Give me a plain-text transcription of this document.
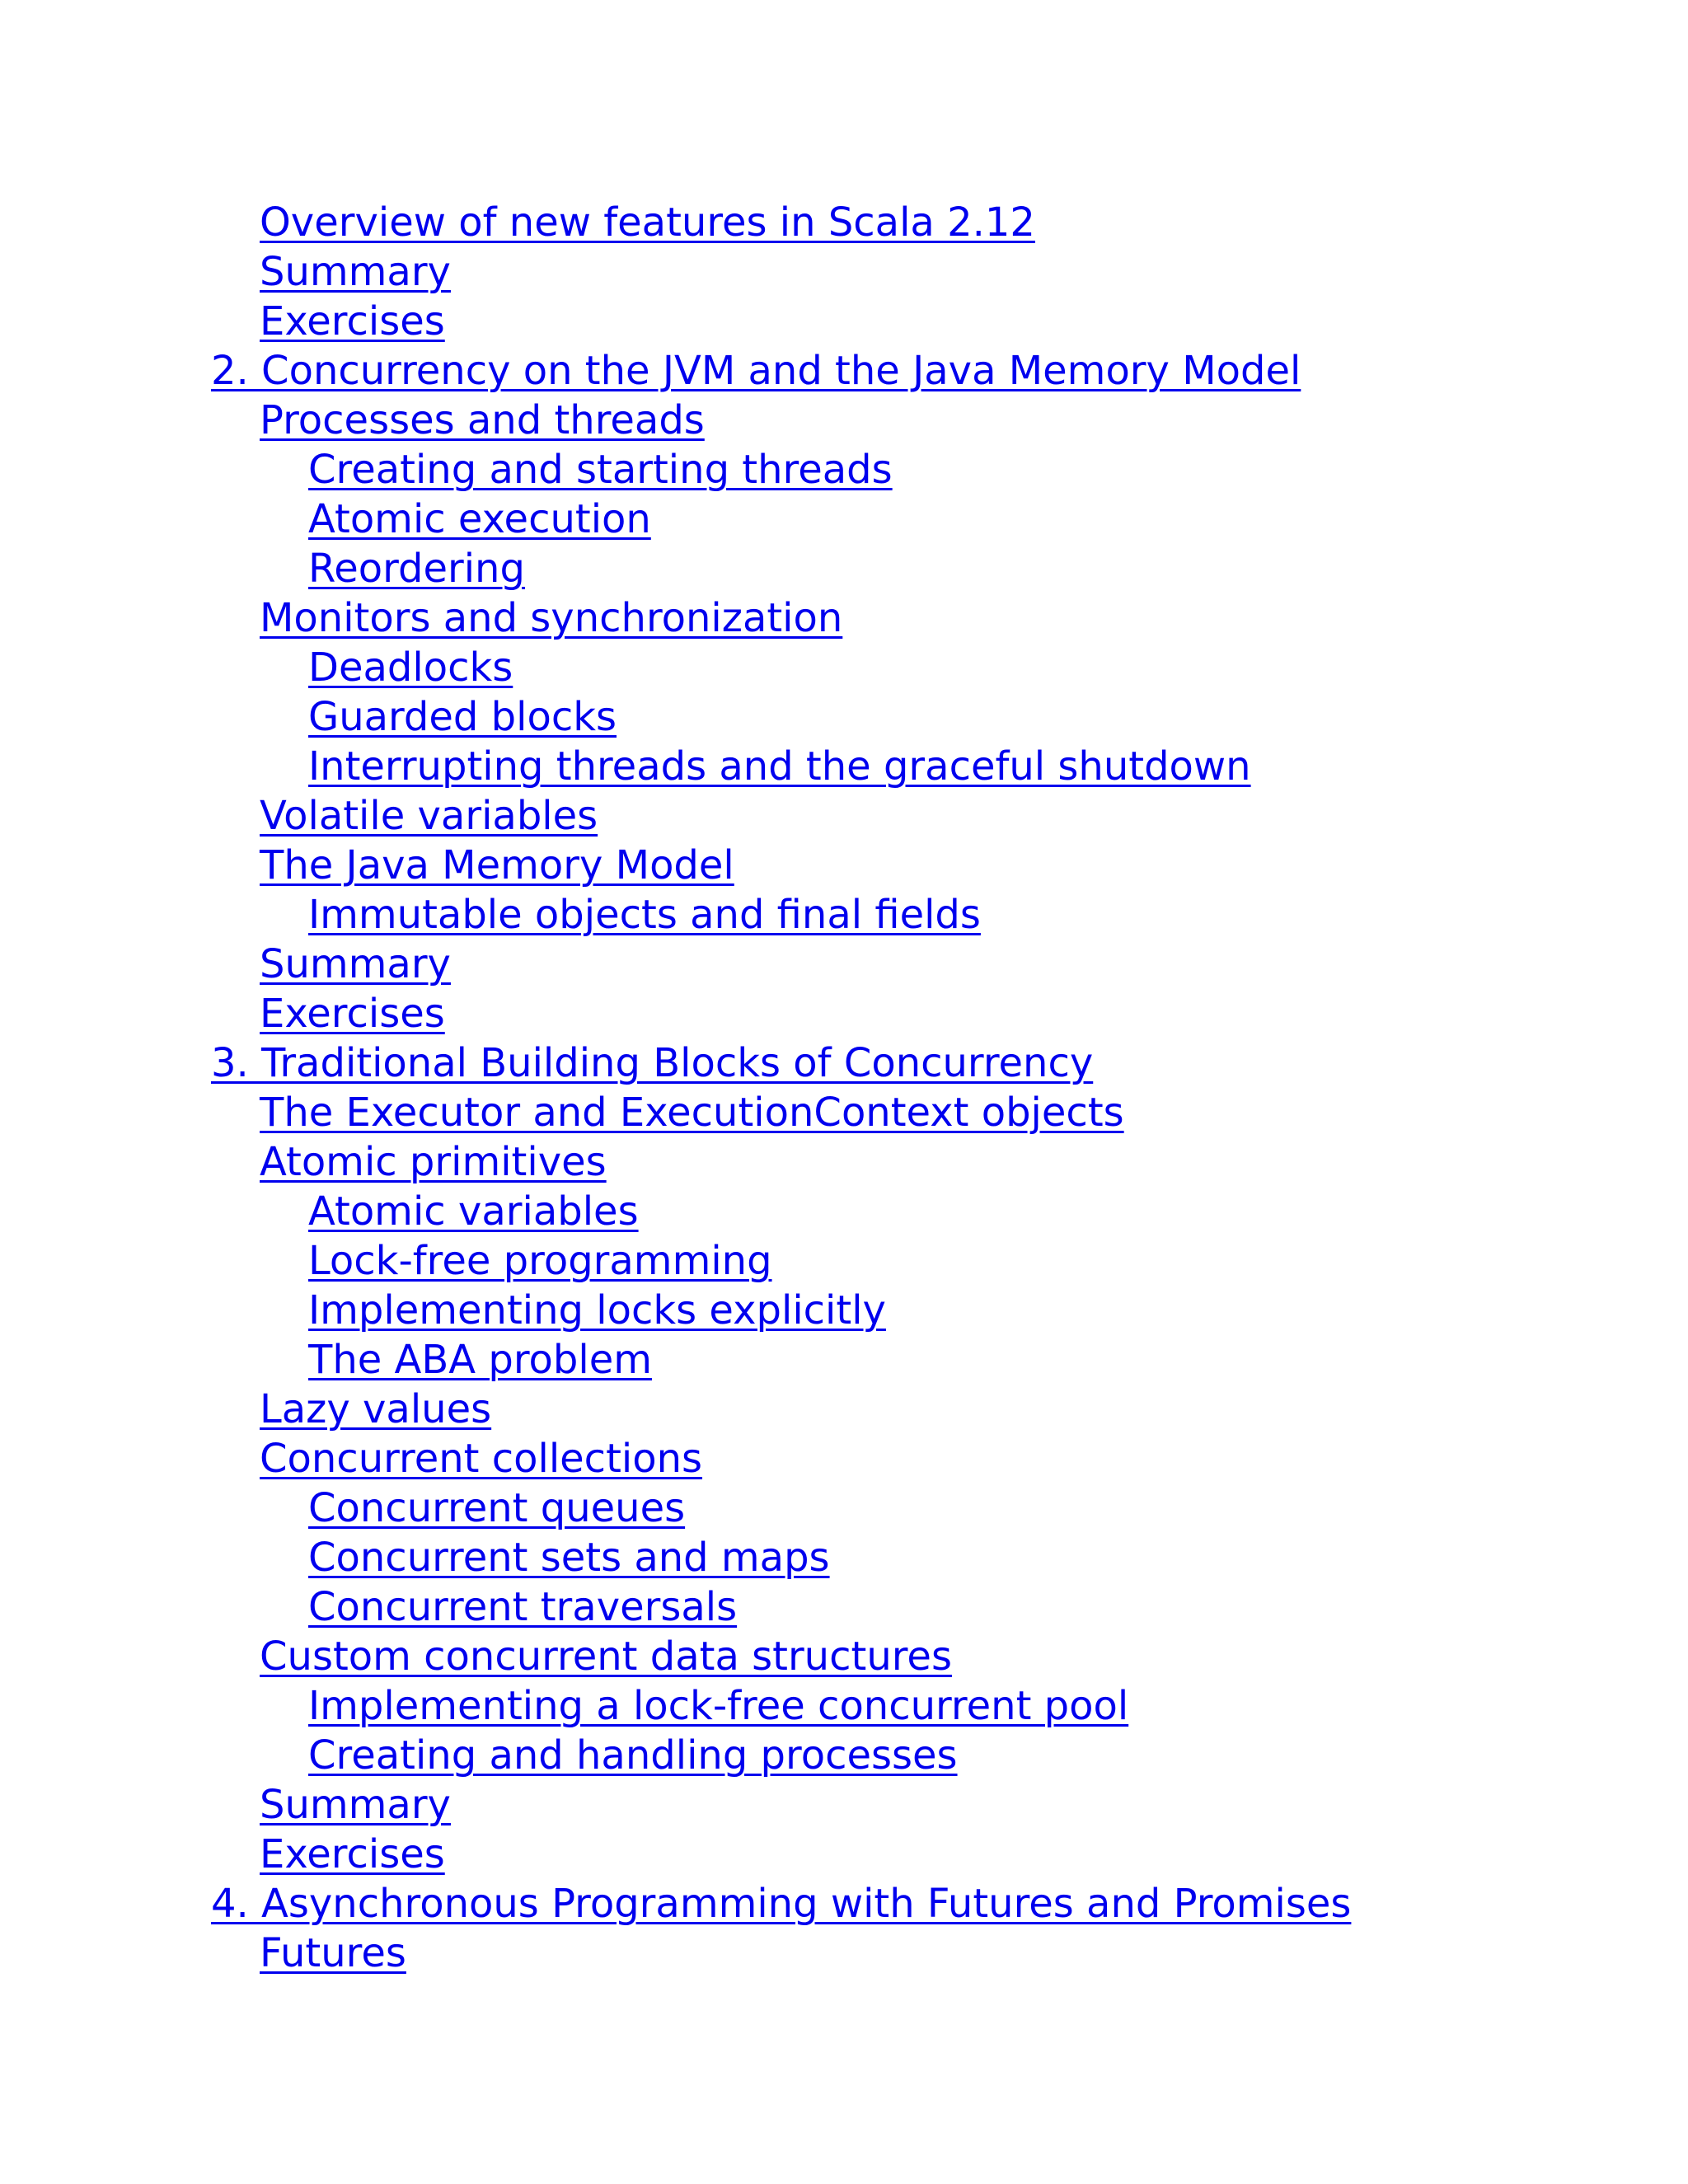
Overview of new features in Scala 2.12
Summary
Exercises
2. Concurrency on the JVM and the Java Memory Model
Processes and threads
Creating and starting threads
Atomic execution
Reordering
Monitors and synchronization
Deadlocks
Guarded blocks
Interrupting threads and the graceful shutdown
Volatile variables
The Java Memory Model
Immutable objects and final fields
Summary
Exercises
3. Traditional Building Blocks of Concurrency
The Executor and ExecutionContext objects
Atomic primitives
Atomic variables
Lock-free programming
Implementing locks explicitly
The ABA problem
Lazy values
Concurrent collections
Concurrent queues
Concurrent sets and maps
Concurrent traversals
Custom concurrent data structures
Implementing a lock-free concurrent pool
Creating and handling processes
Summary
Exercises
4. Asynchronous Programming with Futures and Promises
Futures
